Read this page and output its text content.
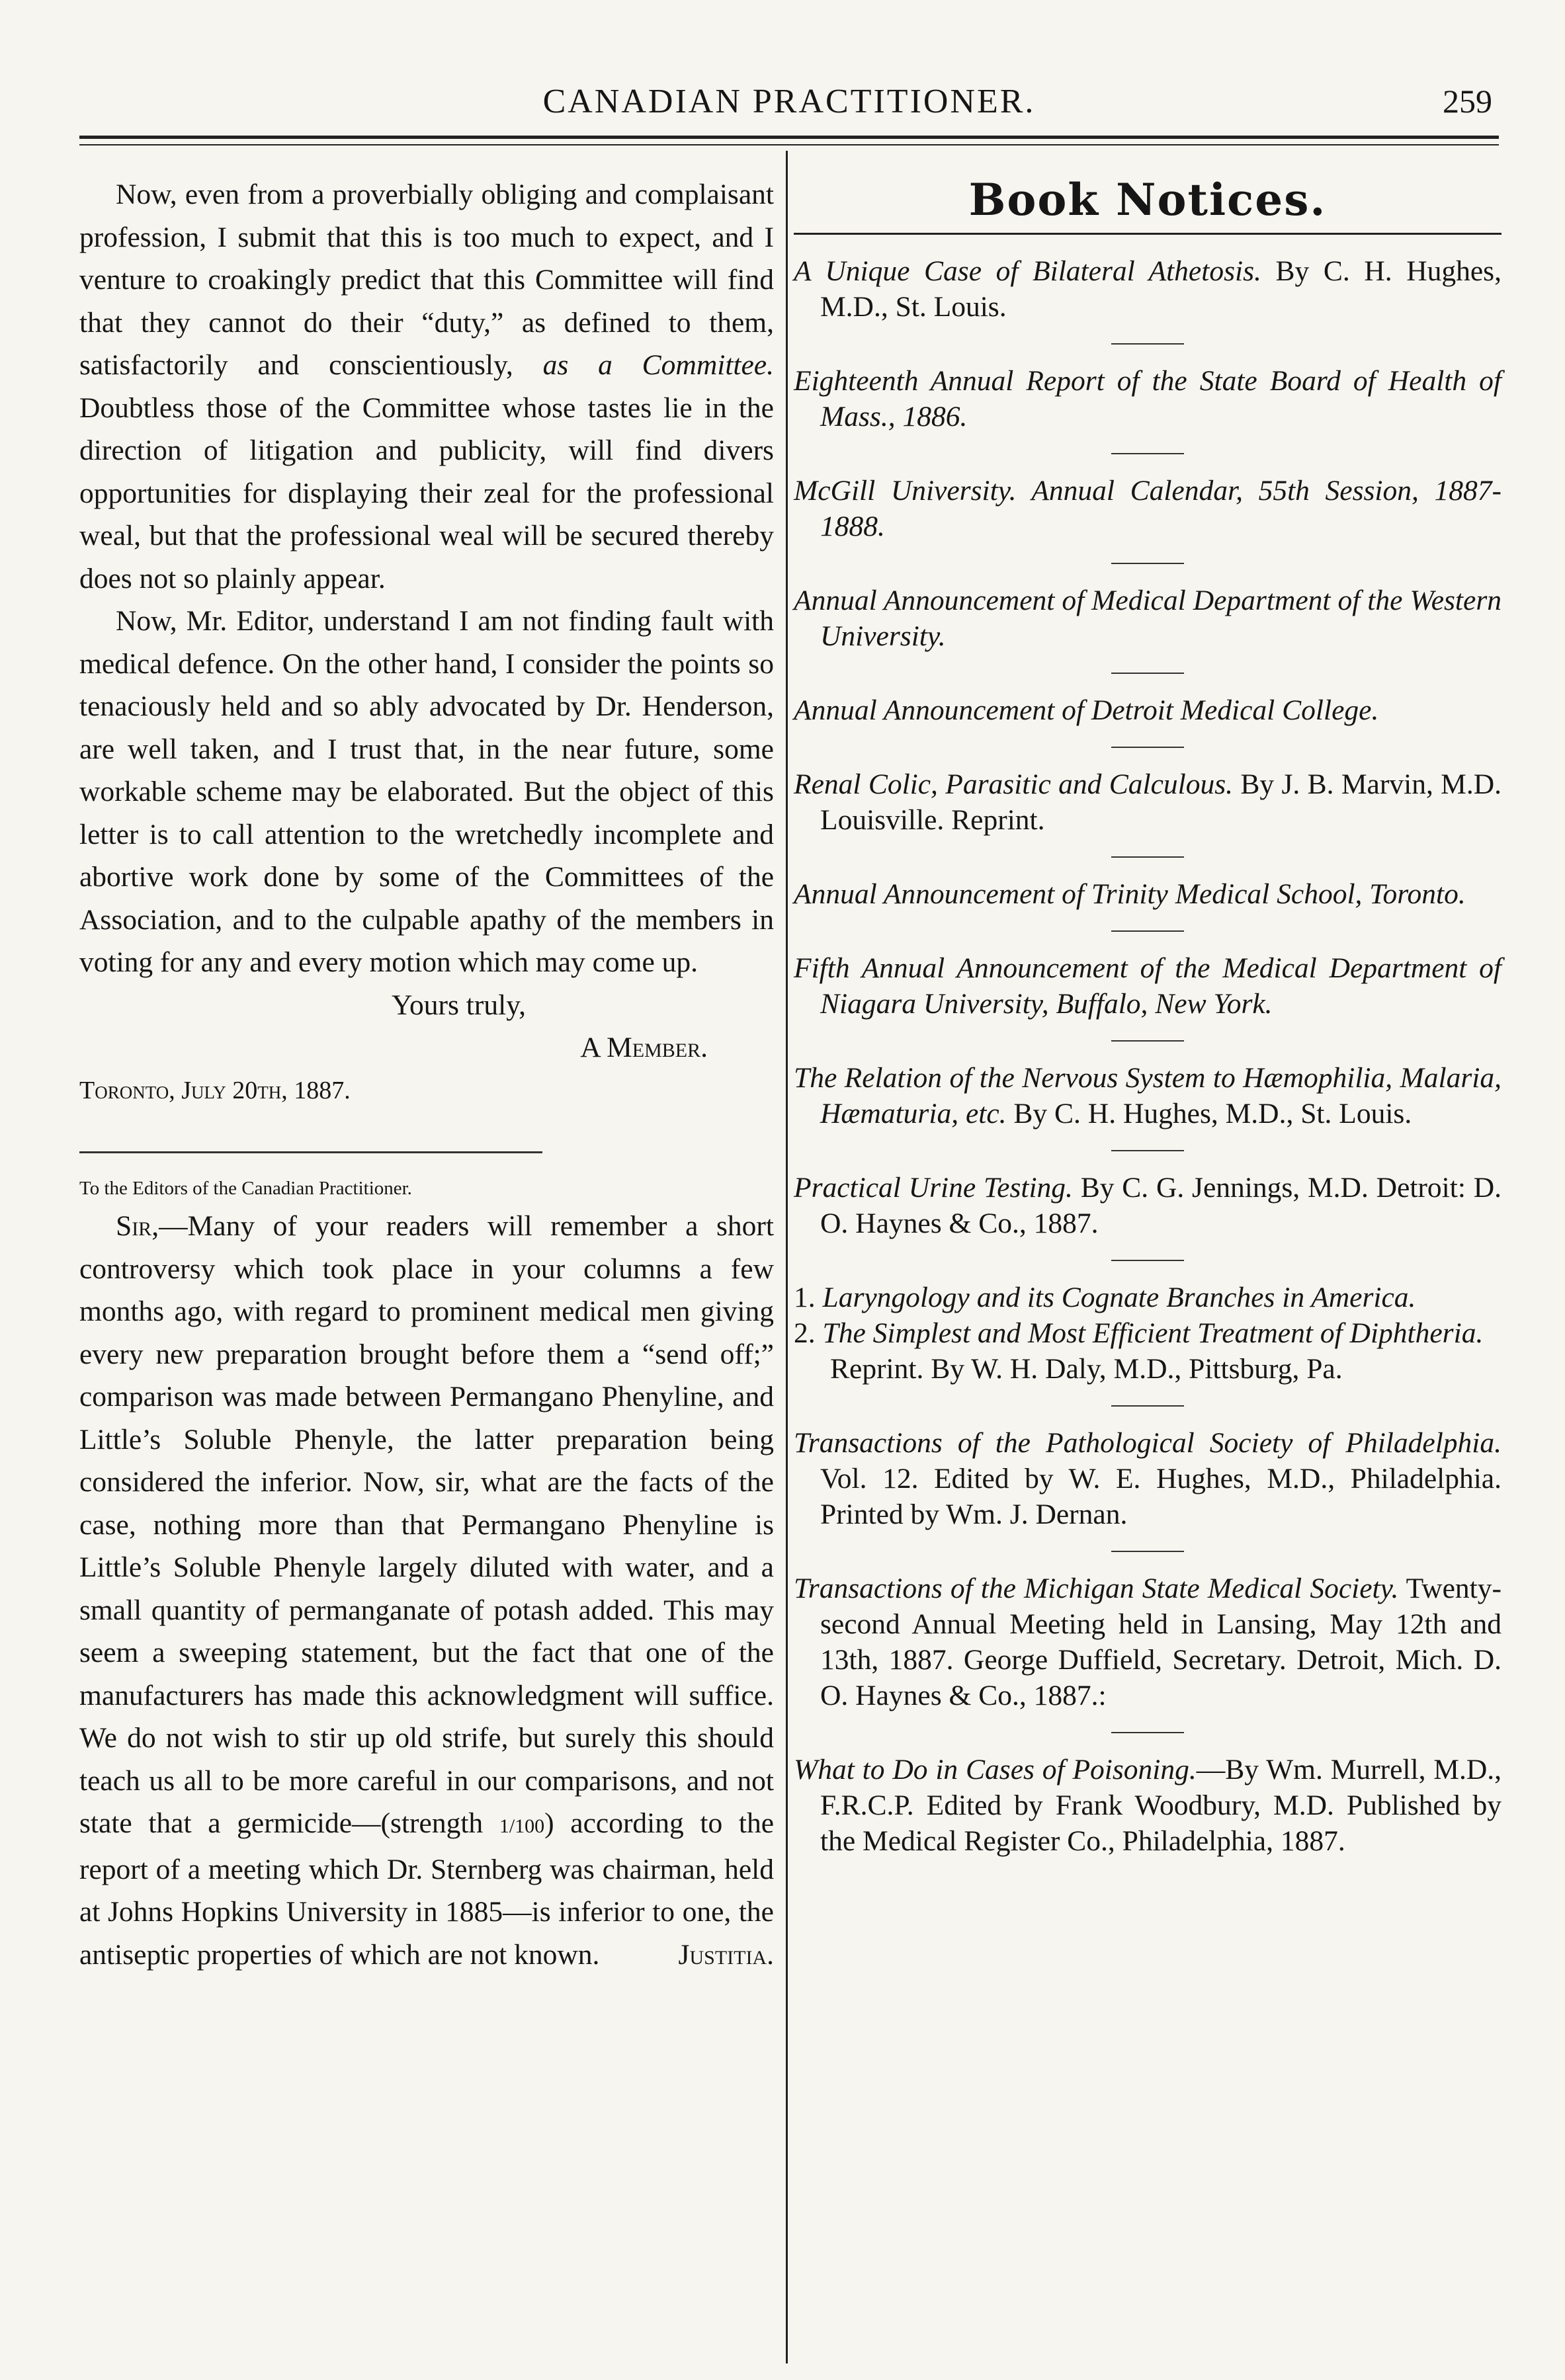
CANADIAN PRACTITIONER.	259

Now, even from a proverbially obliging and complaisant profession, I submit that this is too much to expect, and I venture to croakingly predict that this Committee will find that they cannot do their “duty,” as defined to them, satisfactorily and conscientiously, as a Committee. Doubtless those of the Committee whose tastes lie in the direction of litigation and publicity, will find divers opportunities for displaying their zeal for the professional weal, but that the professional weal will be secured thereby does not so plainly appear.

Now, Mr. Editor, understand I am not finding fault with medical defence. On the other hand, I consider the points so tenaciously held and so ably advocated by Dr. Henderson, are well taken, and I trust that, in the near future, some workable scheme may be elaborated. But the object of this letter is to call attention to the wretchedly incomplete and abortive work done by some of the Committees of the Association, and to the culpable apathy of the members in voting for any and every motion which may come up.

Yours truly,

A Member.

Toronto, July 20th, 1887.

To the Editors of the Canadian Practitioner.

Sir,—Many of your readers will remember a short controversy which took place in your columns a few months ago, with regard to prominent medical men giving every new preparation brought before them a “send off;” comparison was made between Permangano Phenyline, and Little’s Soluble Phenyle, the latter preparation being considered the inferior. Now, sir, what are the facts of the case, nothing more than that Permangano Phenyline is Little’s Soluble Phenyle largely diluted with water, and a small quantity of permanganate of potash added. This may seem a sweeping statement, but the fact that one of the manufacturers has made this acknowledgment will suffice. We do not wish to stir up old strife, but surely this should teach us all to be more careful in our comparisons, and not state that a germicide—(strength 1/100) according to the report of a meeting which Dr. Sternberg was chairman, held at Johns Hopkins University in 1885—is inferior to one, the antiseptic properties of which are not known.	Justitia.

Book Notices.

A Unique Case of Bilateral Athetosis. By C. H. Hughes, M.D., St. Louis.

Eighteenth Annual Report of the State Board of Health of Mass., 1886.

McGill University. Annual Calendar, 55th Session, 1887-1888.

Annual Announcement of Medical Department of the Western University.

Annual Announcement of Detroit Medical College.

Renal Colic, Parasitic and Calculous. By J. B. Marvin, M.D. Louisville. Reprint.

Annual Announcement of Trinity Medical School, Toronto.

Fifth Annual Announcement of the Medical Department of Niagara University, Buffalo, New York.

The Relation of the Nervous System to Hæmophilia, Malaria, Hæmaturia, etc. By C. H. Hughes, M.D., St. Louis.

Practical Urine Testing. By C. G. Jennings, M.D. Detroit: D. O. Haynes & Co., 1887.

1. Laryngology and its Cognate Branches in America.

2. The Simplest and Most Efficient Treatment of Diphtheria. Reprint. By W. H. Daly, M.D., Pittsburg, Pa.

Transactions of the Pathological Society of Philadelphia. Vol. 12. Edited by W. E. Hughes, M.D., Philadelphia. Printed by Wm. J. Dernan.

Transactions of the Michigan State Medical Society. Twenty-second Annual Meeting held in Lansing, May 12th and 13th, 1887. George Duffield, Secretary. Detroit, Mich. D. O. Haynes & Co., 1887.:

What to Do in Cases of Poisoning.—By Wm. Murrell, M.D., F.R.C.P. Edited by Frank Woodbury, M.D. Published by the Medical Register Co., Philadelphia, 1887.
